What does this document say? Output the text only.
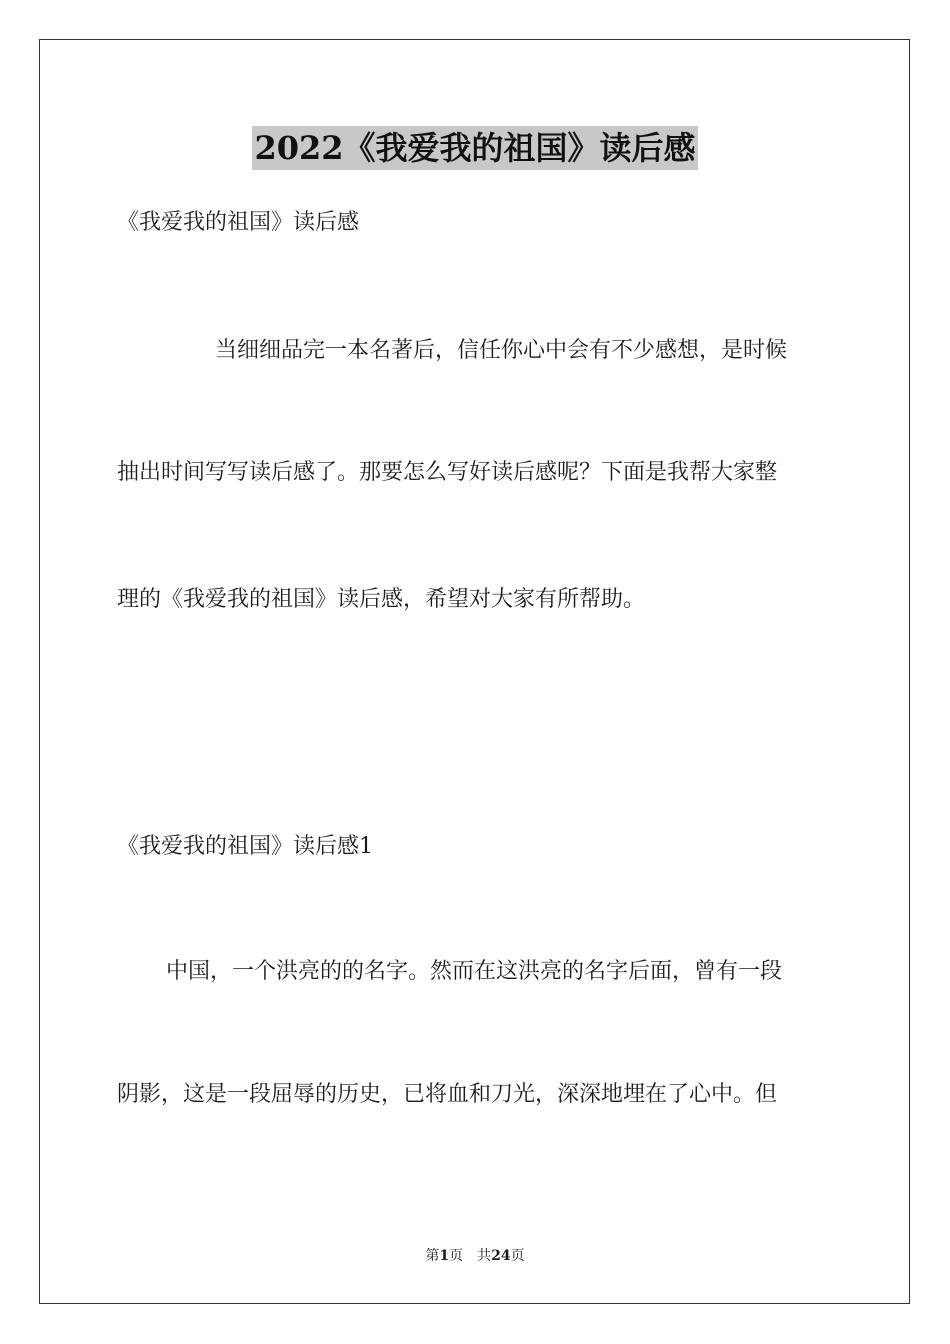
2022《我爱我的祖国》读后感
《我爱我的祖国》读后感
当细细品完一本名著后，信任你心中会有不少感想，是时候
抽出时间写写读后感了。那要怎么写好读后感呢？下面是我帮大家整
理的《我爱我的祖国》读后感，希望对大家有所帮助。
《我爱我的祖国》读后感1
中国，一个洪亮的的名字。然而在这洪亮的名字后面，曾有一段
阴影，这是一段屈辱的历史，已将血和刀光，深深地埋在了心中。但
第1页 共24页
